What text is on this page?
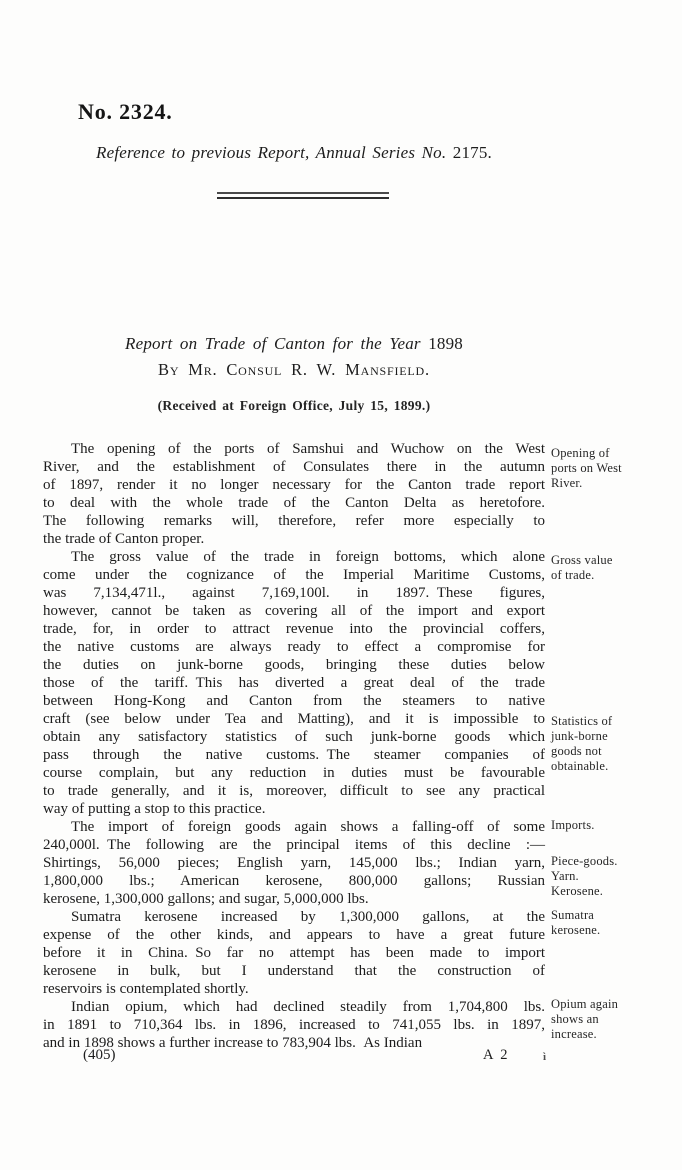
No. 2324.
Reference to previous Report, Annual Series No. 2175.
Report on Trade of Canton for the Year 1898
By Mr. Consul R. W. Mansfield.
(Received at Foreign Office, July 15, 1899.)
The opening of the ports of Samshui and Wuchow on the West
River, and the establishment of Consulates there in the autumn
of 1897, render it no longer necessary for the Canton trade report
to deal with the whole trade of the Canton Delta as heretofore.
The following remarks will, therefore, refer more especially to
the trade of Canton proper.
The gross value of the trade in foreign bottoms, which alone
come under the cognizance of the Imperial Maritime Customs,
was 7,134,471l., against 7,169,100l. in 1897. These figures,
however, cannot be taken as covering all of the import and export
trade, for, in order to attract revenue into the provincial coffers,
the native customs are always ready to effect a compromise for
the duties on junk-borne goods, bringing these duties below
those of the tariff. This has diverted a great deal of the trade
between Hong-Kong and Canton from the steamers to native
craft (see below under Tea and Matting), and it is impossible to
obtain any satisfactory statistics of such junk-borne goods which
pass through the native customs. The steamer companies of
course complain, but any reduction in duties must be favourable
to trade generally, and it is, moreover, difficult to see any practical
way of putting a stop to this practice.
The import of foreign goods again shows a falling-off of some
240,000l. The following are the principal items of this decline :—
Shirtings, 56,000 pieces; English yarn, 145,000 lbs.; Indian yarn,
1,800,000 lbs.; American kerosene, 800,000 gallons; Russian
kerosene, 1,300,000 gallons; and sugar, 5,000,000 lbs.
Sumatra kerosene increased by 1,300,000 gallons, at the
expense of the other kinds, and appears to have a great future
before it in China. So far no attempt has been made to import
kerosene in bulk, but I understand that the construction of
reservoirs is contemplated shortly.
Indian opium, which had declined steadily from 1,704,800 lbs.
in 1891 to 710,364 lbs. in 1896, increased to 741,055 lbs. in 1897,
and in 1898 shows a further increase to 783,904 lbs. As Indian
Opening of
ports on West
River.
Gross value
of trade.
Statistics of
junk-borne
goods not
obtainable.
Imports.
Piece-goods.
Yarn.
Kerosene.
Sumatra
kerosene.
Opium again
shows an
increase.
(405)	A 2	ì
